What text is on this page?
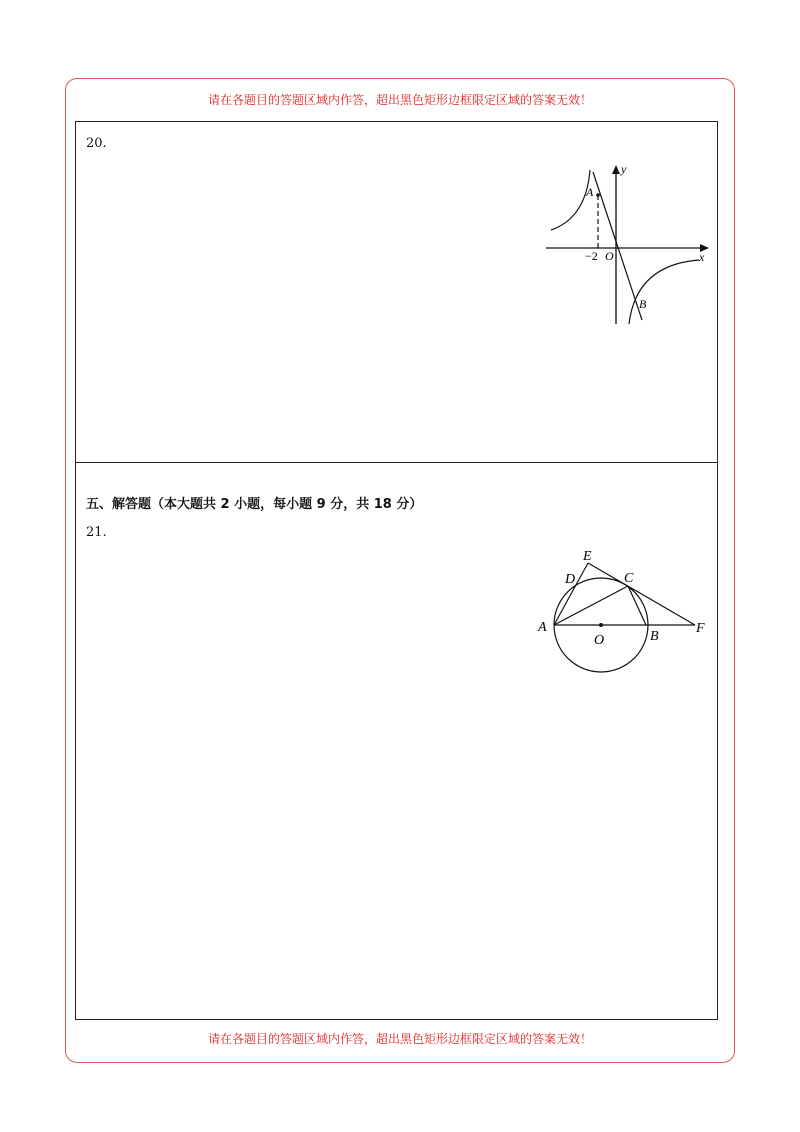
请在各题目的答题区域内作答，超出黑色矩形边框限定区域的答案无效！
20.
y
x
O
A
B
−2
五、解答题（本大题共 2 小题，每小题 9 分，共 18 分）
21.
A
B
C
D
E
F
O
请在各题目的答题区域内作答，超出黑色矩形边框限定区域的答案无效！
